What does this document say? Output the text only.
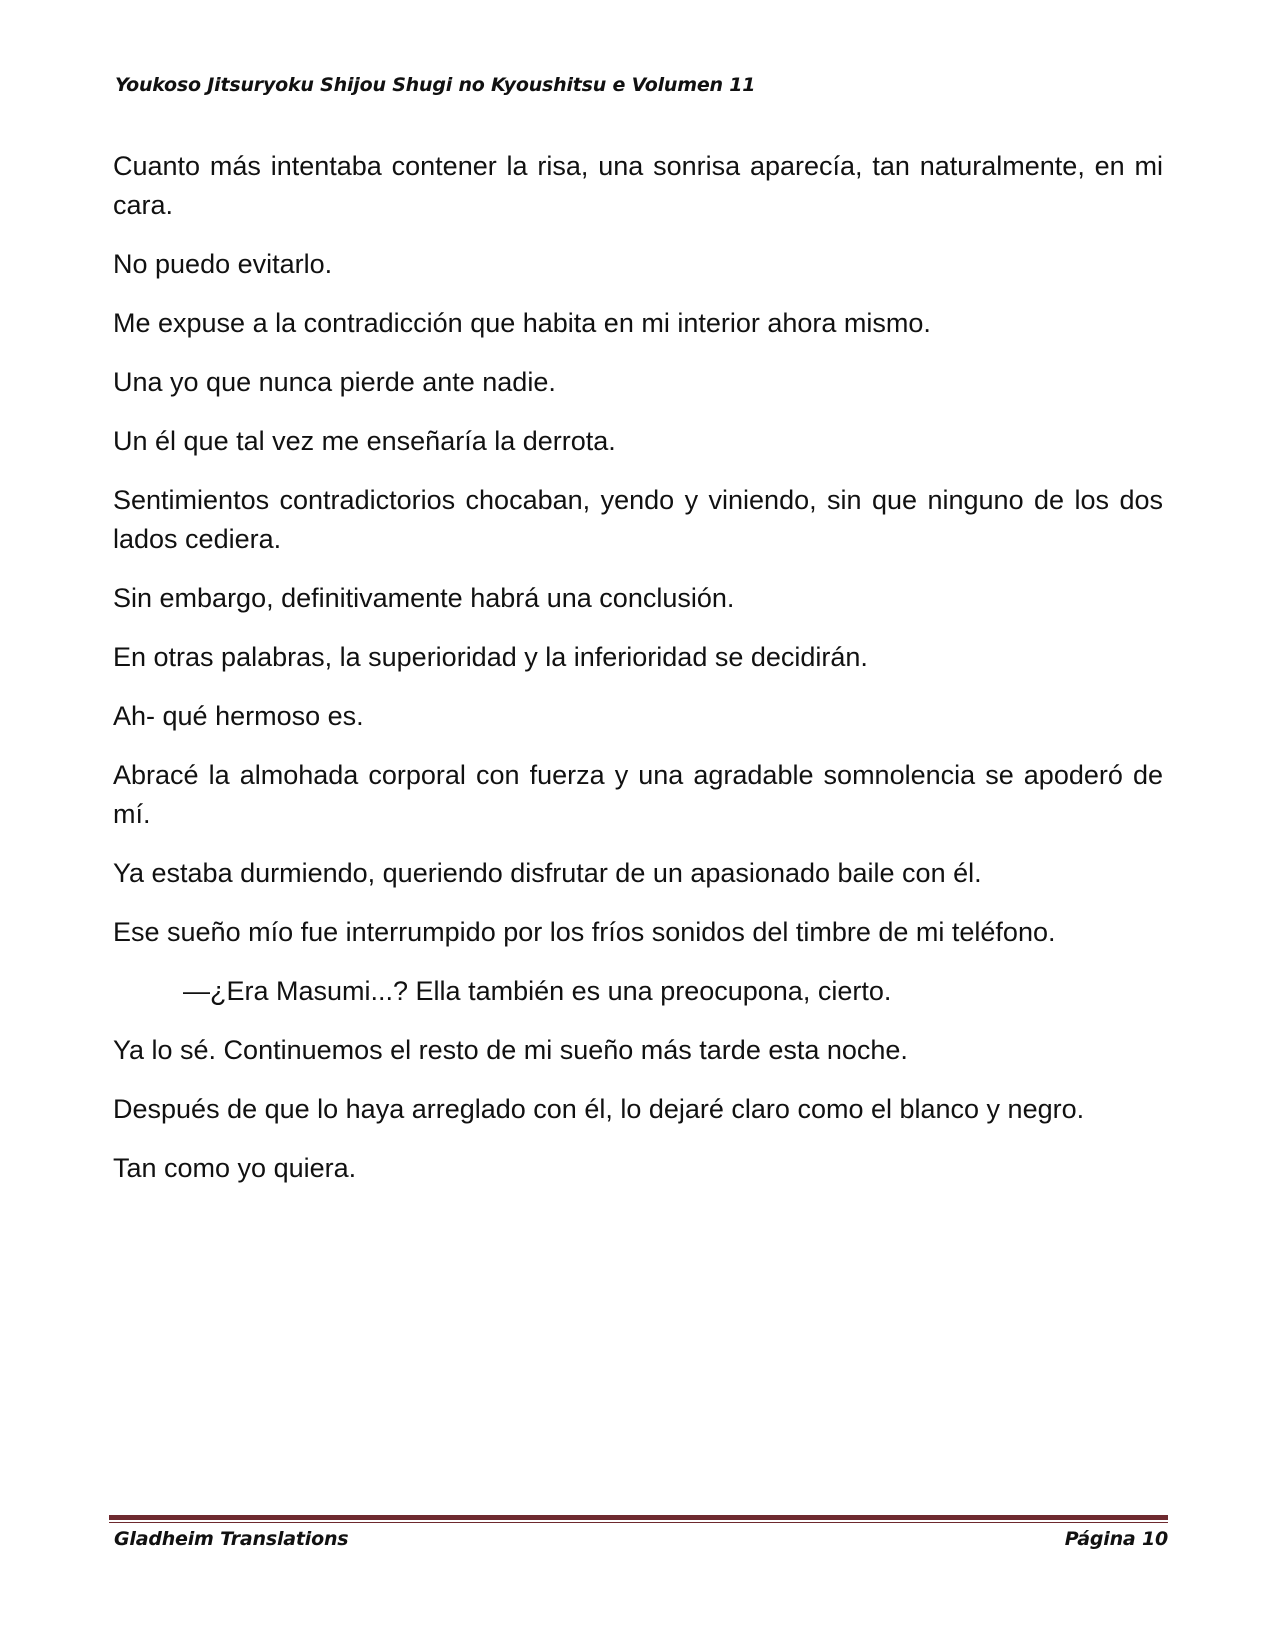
Youkoso Jitsuryoku Shijou Shugi no Kyoushitsu e Volumen 11

Cuanto más intentaba contener la risa, una sonrisa aparecía, tan naturalmente, en mi cara.

No puedo evitarlo.

Me expuse a la contradicción que habita en mi interior ahora mismo.

Una yo que nunca pierde ante nadie.

Un él que tal vez me enseñaría la derrota.

Sentimientos contradictorios chocaban, yendo y viniendo, sin que ninguno de los dos lados cediera.

Sin embargo, definitivamente habrá una conclusión.

En otras palabras, la superioridad y la inferioridad se decidirán.

Ah- qué hermoso es.

Abracé la almohada corporal con fuerza y una agradable somnolencia se apoderó de mí.

Ya estaba durmiendo, queriendo disfrutar de un apasionado baile con él.

Ese sueño mío fue interrumpido por los fríos sonidos del timbre de mi teléfono.

—¿Era Masumi...? Ella también es una preocupona, cierto.

Ya lo sé. Continuemos el resto de mi sueño más tarde esta noche.

Después de que lo haya arreglado con él, lo dejaré claro como el blanco y negro.

Tan como yo quiera.

Gladheim Translations	Página 10
